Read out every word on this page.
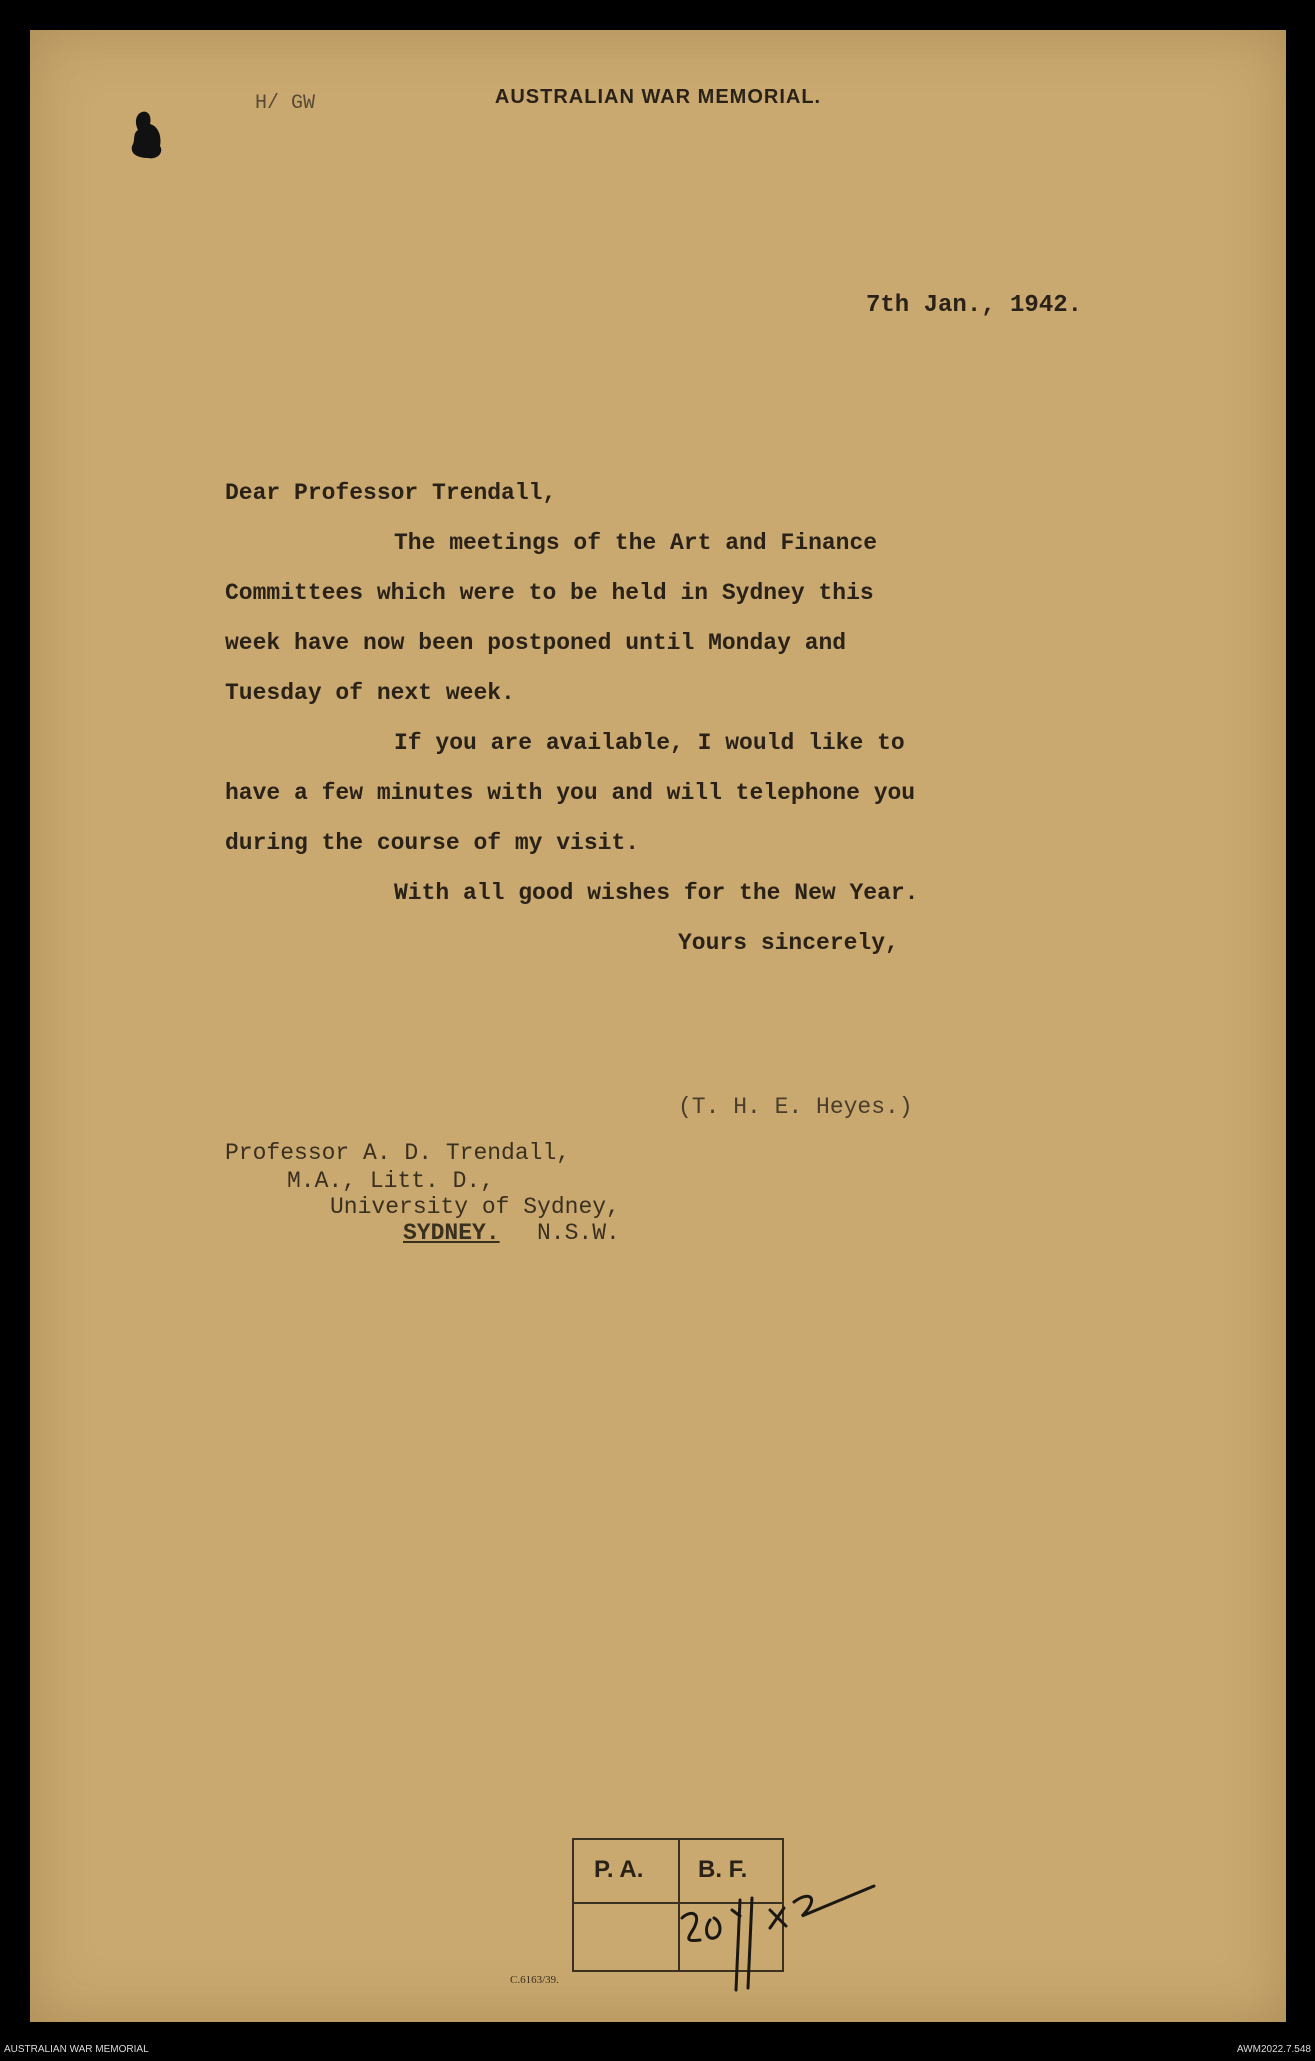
H/ GW	AUSTRALIAN WAR MEMORIAL.
7th Jan., 1942.
Dear Professor Trendall,
The meetings of the Art and Finance
Committees which were to be held in Sydney this
week have now been postponed until Monday and
Tuesday of next week.
If you are available, I would like to
have a few minutes with you and will telephone you
during the course of my visit.
With all good wishes for the New Year.
Yours sincerely,
(T. H. E. Heyes.)
Professor A. D. Trendall,
M.A., Litt. D.,
University of Sydney,
SYDNEY. N.S.W.
P. A. B. F.
C.6163/39.
AUSTRALIAN WAR MEMORIAL	AWM2022.7.548
